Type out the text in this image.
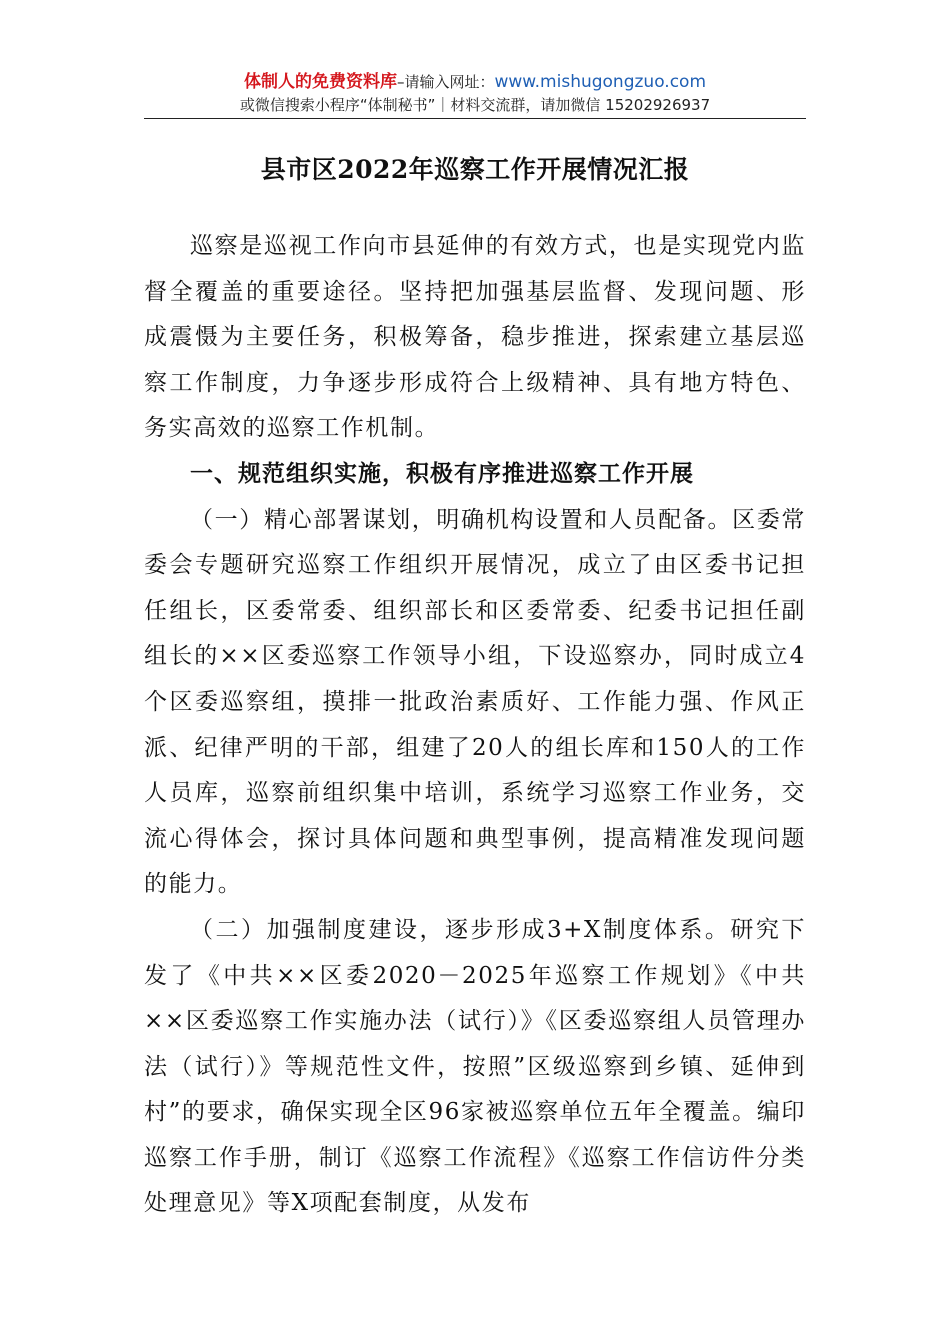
体制人的免费资料库–请输入网址：www.mishugongzuo.com
或微信搜索小程序“体制秘书”｜材料交流群，请加微信 15202926937
县市区2022年巡察工作开展情况汇报

巡察是巡视工作向市县延伸的有效方式，也是实现党内监督全覆盖的重要途径。坚持把加强基层监督、发现问题、形成震慑为主要任务，积极筹备，稳步推进，探索建立基层巡察工作制度，力争逐步形成符合上级精神、具有地方特色、务实高效的巡察工作机制。

一、规范组织实施，积极有序推进巡察工作开展

（一）精心部署谋划，明确机构设置和人员配备。区委常委会专题研究巡察工作组织开展情况，成立了由区委书记担任组长，区委常委、组织部长和区委常委、纪委书记担任副组长的××区委巡察工作领导小组，下设巡察办，同时成立4个区委巡察组，摸排一批政治素质好、工作能力强、作风正派、纪律严明的干部，组建了20人的组长库和150人的工作人员库，巡察前组织集中培训，系统学习巡察工作业务，交流心得体会，探讨具体问题和典型事例，提高精准发现问题的能力。

（二）加强制度建设，逐步形成3+X制度体系。研究下发了《中共××区委2020－2025年巡察工作规划》《中共××区委巡察工作实施办法（试行）》《区委巡察组人员管理办法（试行）》等规范性文件，按照”区级巡察到乡镇、延伸到村”的要求，确保实现全区96家被巡察单位五年全覆盖。编印巡察工作手册，制订《巡察工作流程》《巡察工作信访件分类处理意见》等X项配套制度，从发布
